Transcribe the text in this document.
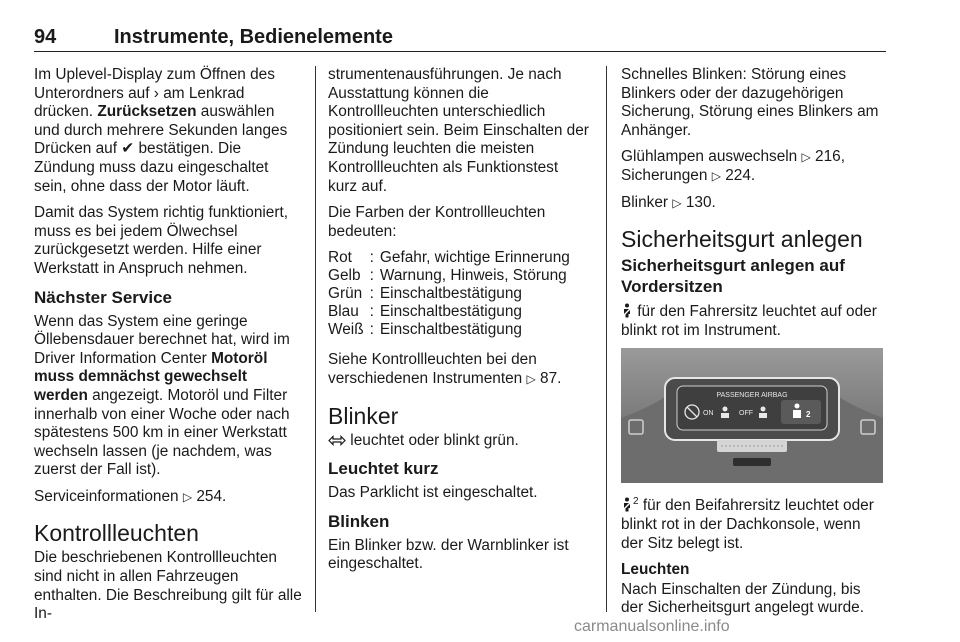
94	Instrumente, Bedienelemente

Im Uplevel-Display zum Öffnen des Unterordners auf › am Lenkrad drücken. Zurücksetzen auswählen und durch mehrere Sekunden langes Drücken auf ✔ bestätigen. Die Zündung muss dazu eingeschaltet sein, ohne dass der Motor läuft.

Damit das System richtig funktioniert, muss es bei jedem Ölwechsel zurückgesetzt werden. Hilfe einer Werkstatt in Anspruch nehmen.

Nächster Service

Wenn das System eine geringe Öllebensdauer berechnet hat, wird im Driver Information Center Motoröl muss demnächst gewechselt werden angezeigt. Motoröl und Filter innerhalb von einer Woche oder nach spätestens 500 km in einer Werkstatt wechseln lassen (je nachdem, was zuerst der Fall ist).

Serviceinformationen ▷ 254.

Kontrollleuchten

Die beschriebenen Kontrollleuchten sind nicht in allen Fahrzeugen enthalten. Die Beschreibung gilt für alle In-

strumentenausführungen. Je nach Ausstattung können die Kontrollleuchten unterschiedlich positioniert sein. Beim Einschalten der Zündung leuchten die meisten Kontrollleuchten als Funktionstest kurz auf.

Die Farben der Kontrollleuchten bedeuten:

Rot	:	Gefahr, wichtige Erinnerung
Gelb	:	Warnung, Hinweis, Störung
Grün	:	Einschaltbestätigung
Blau	:	Einschaltbestätigung
Weiß	:	Einschaltbestätigung

Siehe Kontrollleuchten bei den verschiedenen Instrumenten ▷ 87.

Blinker

leuchtet oder blinkt grün.

Leuchtet kurz

Das Parklicht ist eingeschaltet.

Blinken

Ein Blinker bzw. der Warnblinker ist eingeschaltet.

Schnelles Blinken: Störung eines Blinkers oder der dazugehörigen Sicherung, Störung eines Blinkers am Anhänger.

Glühlampen auswechseln ▷ 216, Sicherungen ▷ 224.

Blinker ▷ 130.

Sicherheitsgurt anlegen
Sicherheitsgurt anlegen auf Vordersitzen

für den Fahrersitz leuchtet auf oder blinkt rot im Instrument.

PASSENGER AIRBAG
ON	OFF	2

$^2$ für den Beifahrersitz leuchtet oder blinkt rot in der Dachkonsole, wenn der Sitz belegt ist.

Leuchten

Nach Einschalten der Zündung, bis der Sicherheitsgurt angelegt wurde.

carmanualsonline.info
